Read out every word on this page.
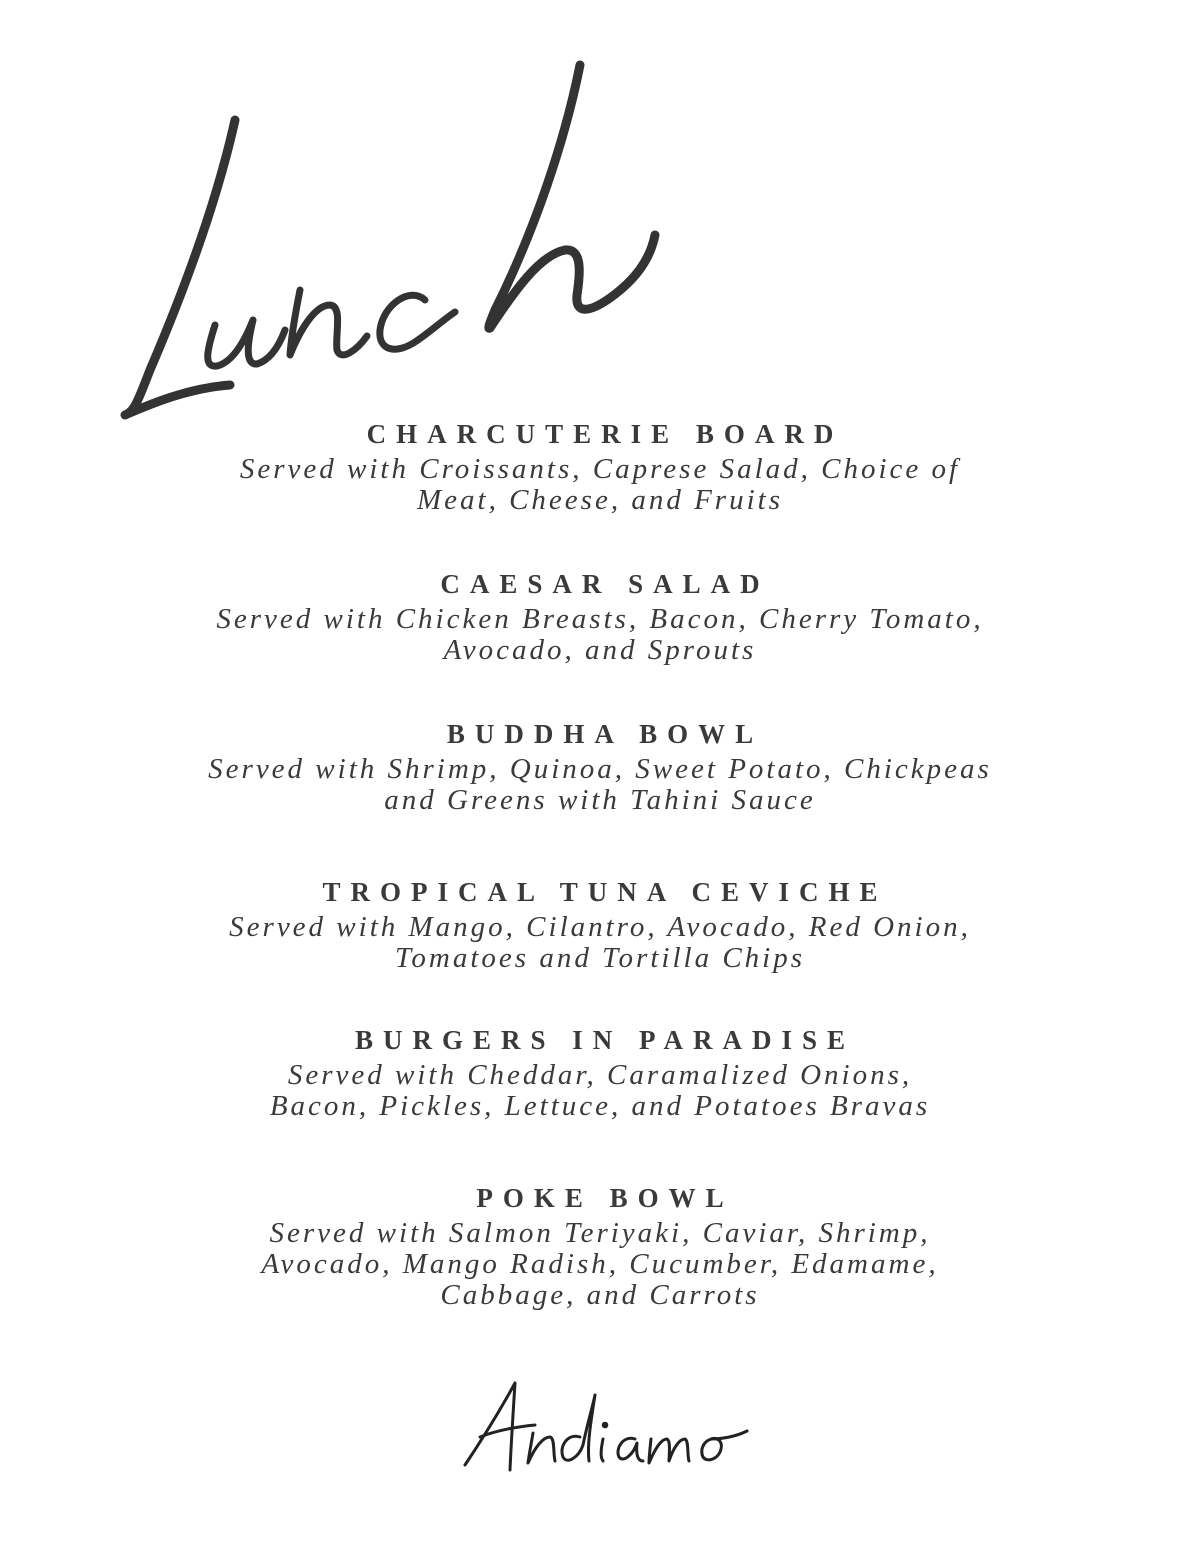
CHARCUTERIE BOARD

Served with Croissants, Caprese Salad, Choice of
Meat, Cheese, and Fruits

CAESAR SALAD

Served with Chicken Breasts, Bacon, Cherry Tomato,
Avocado, and Sprouts

BUDDHA BOWL

Served with Shrimp, Quinoa, Sweet Potato, Chickpeas
and Greens with Tahini Sauce

TROPICAL TUNA CEVICHE

Served with Mango, Cilantro, Avocado, Red Onion,
Tomatoes and Tortilla Chips

BURGERS IN PARADISE

Served with Cheddar, Caramalized Onions,
Bacon, Pickles, Lettuce, and Potatoes Bravas

POKE BOWL

Served with Salmon Teriyaki, Caviar, Shrimp,
Avocado, Mango Radish, Cucumber, Edamame,
Cabbage, and Carrots
